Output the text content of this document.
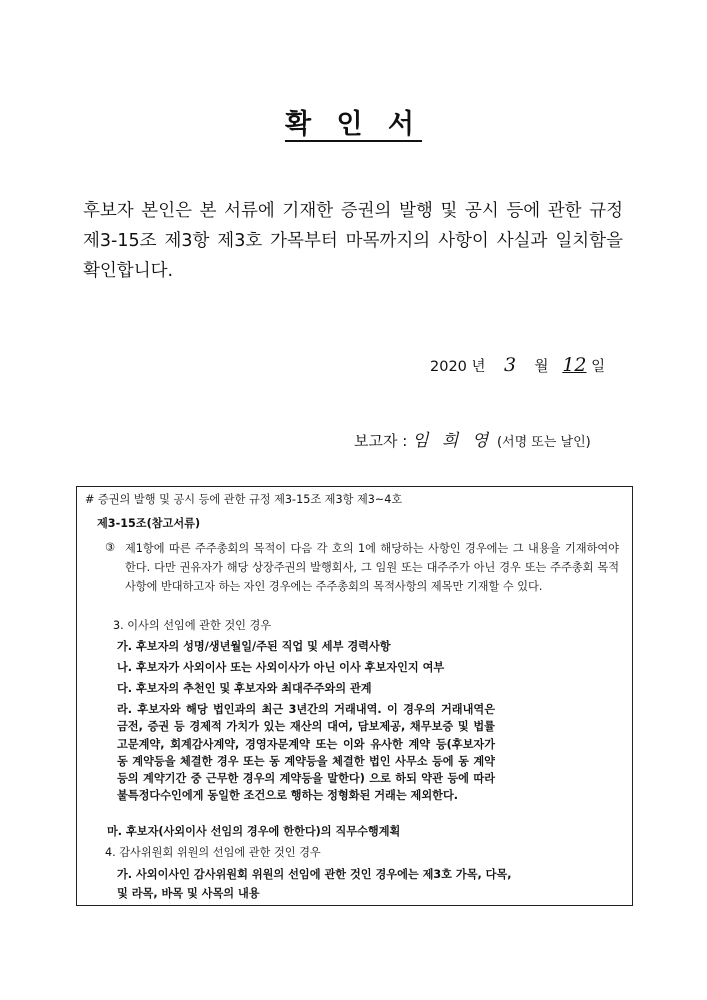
확 인 서
후보자 본인은 본 서류에 기재한 증권의 발행 및 공시 등에 관한 규정 제3-15조 제3항 제3호 가목부터 마목까지의 사항이 사실과 일치함을 확인합니다.
2020 년 3 월 12 일
보고자 : 임 희 영 (서명 또는 날인)
# 증권의 발행 및 공시 등에 관한 규정 제3-15조 제3항 제3~4호
제3-15조(참고서류)
③ 제1항에 따른 주주총회의 목적이 다음 각 호의 1에 해당하는 사항인 경우에는 그 내용을 기재하여야 한다. 다만 권유자가 해당 상장주권의 발행회사, 그 임원 또는 대주주가 아닌 경우 또는 주주총회 목적사항에 반대하고자 하는 자인 경우에는 주주총회의 목적사항의 제목만 기재할 수 있다.
3. 이사의 선임에 관한 것인 경우
가. 후보자의 성명/생년월일/주된 직업 및 세부 경력사항
나. 후보자가 사외이사 또는 사외이사가 아닌 이사 후보자인지 여부
다. 후보자의 추천인 및 후보자와 최대주주와의 관계
라. 후보자와 해당 법인과의 최근 3년간의 거래내역. 이 경우의 거래내역은 금전, 증권 등 경제적 가치가 있는 재산의 대여, 담보제공, 채무보증 및 법률고문계약, 회계감사계약, 경영자문계약 또는 이와 유사한 계약 등(후보자가 동 계약등을 체결한 경우 또는 동 계약등을 체결한 법인 사무소 등에 동 계약등의 계약기간 중 근무한 경우의 계약등을 말한다) 으로 하되 약관 등에 따라 불특정다수인에게 동일한 조건으로 행하는 정형화된 거래는 제외한다.
마. 후보자(사외이사 선임의 경우에 한한다)의 직무수행계획
4. 감사위원회 위원의 선임에 관한 것인 경우
가. 사외이사인 감사위원회 위원의 선임에 관한 것인 경우에는 제3호 가목, 다목, 및 라목, 바목 및 사목의 내용
